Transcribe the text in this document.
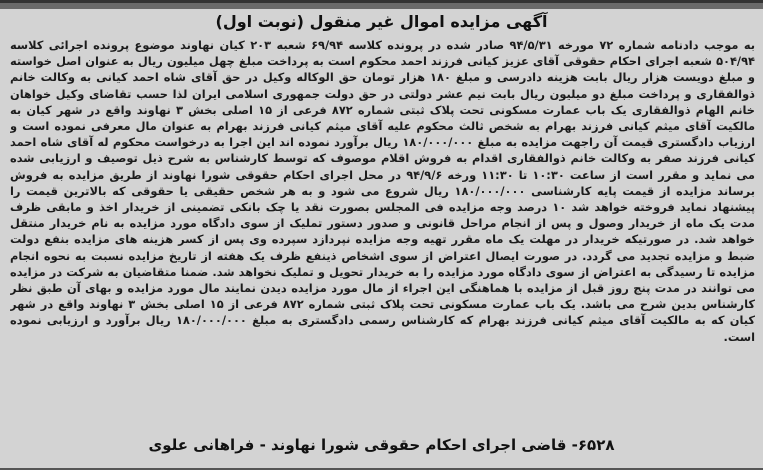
آگهی مزایده اموال غیر منقول (نوبت اول)

به موجب دادنامه شماره ۷۲ مورخه ۹۴/۵/۳۱ صادر شده در پرونده کلاسه ۶۹/۹۴ شعبه ۲۰۳ کیان نهاوند موضوع پرونده اجرائی کلاسه ۵۰۴/۹۴ شعبه اجرای احکام حقوقی آقای عزیز کیانی فرزند احمد محکوم است به پرداخت مبلغ چهل میلیون ریال به عنوان اصل خواسته و مبلغ دویست هزار ریال بابت هزینه دادرسی و مبلغ ۱۸۰ هزار تومان حق الوکاله وکیل در حق آقای شاه احمد کیانی به وکالت خانم ذوالفقاری و پرداخت مبلغ دو میلیون ریال بابت نیم عشر دولتی در حق دولت جمهوری اسلامی ایران لذا حسب تقاضای وکیل خواهان خانم الهام ذوالفقاری یک باب عمارت مسکونی تحت پلاک ثبتی شماره ۸۷۲ فرعی از ۱۵ اصلی بخش ۳ نهاوند واقع در شهر کیان به مالکیت آقای میثم کیانی فرزند بهرام به شخص ثالث محکوم علیه آقای میثم کیانی فرزند بهرام به عنوان مال معرفی نموده است و ارزیاب دادگستری قیمت آن راجهت مزایده به مبلغ ۱۸۰/۰۰۰/۰۰۰ ریال برآورد نموده اند این اجرا به درخواست محکوم له آقای شاه احمد کیانی فرزند صفر به وکالت خانم ذوالفقاری اقدام به فروش اقلام موصوف که توسط کارشناس به شرح ذیل توصیف و ارزیابی شده می نماید و مقرر است از ساعت ۱۰:۳۰ تا ۱۱:۳۰ ورخه ۹۴/۹/۶ در محل اجرای احکام حقوقی شورا نهاوند از طریق مزایده به فروش برساند مزایده از قیمت پایه کارشناسی ۱۸۰/۰۰۰/۰۰۰ ریال شروع می شود و به هر شخص حقیقی یا حقوقی که بالاترین قیمت را پیشنهاد نماید فروخته خواهد شد ۱۰ درصد وجه مزایده فی المجلس بصورت نقد یا چک بانکی تضمینی از خریدار اخذ و مابقی ظرف مدت یک ماه از خریدار وصول و پس از انجام مراحل قانونی و صدور دستور تملیک از سوی دادگاه مورد مزایده به نام خریدار منتقل خواهد شد. در صورتیکه خریدار در مهلت یک ماه مقرر تهیه وجه مزایده نپردازد سپرده وی پس از کسر هزینه های مزایده بنفع دولت ضبط و مزایده تجدید می گردد. در صورت ایصال اعتراض از سوی اشخاص ذینفع ظرف یک هفته از تاریخ مزایده نسبت به نحوه انجام مزایده تا رسیدگی به اعتراض از سوی دادگاه مورد مزایده را به خریدار تحویل و تملیک نخواهد شد. ضمنا متقاضیان به شرکت در مزایده می توانند در مدت پنج روز قبل از مزایده با هماهنگی این اجراء از مال مورد مزایده دیدن نمایند مال مورد مزایده و بهای آن طبق نظر کارشناس بدین شرح می باشد. یک باب عمارت مسکونی تحت پلاک ثبتی شماره ۸۷۲ فرعی از ۱۵ اصلی بخش ۳ نهاوند واقع در شهر کیان که به مالکیت آقای میثم کیانی فرزند بهرام که کارشناس رسمی دادگستری به مبلغ ۱۸۰/۰۰۰/۰۰۰ ریال برآورد و ارزیابی نموده است.

۶۵۲۸- قاضی اجرای احکام حقوقی شورا نهاوند - فراهانی علوی
